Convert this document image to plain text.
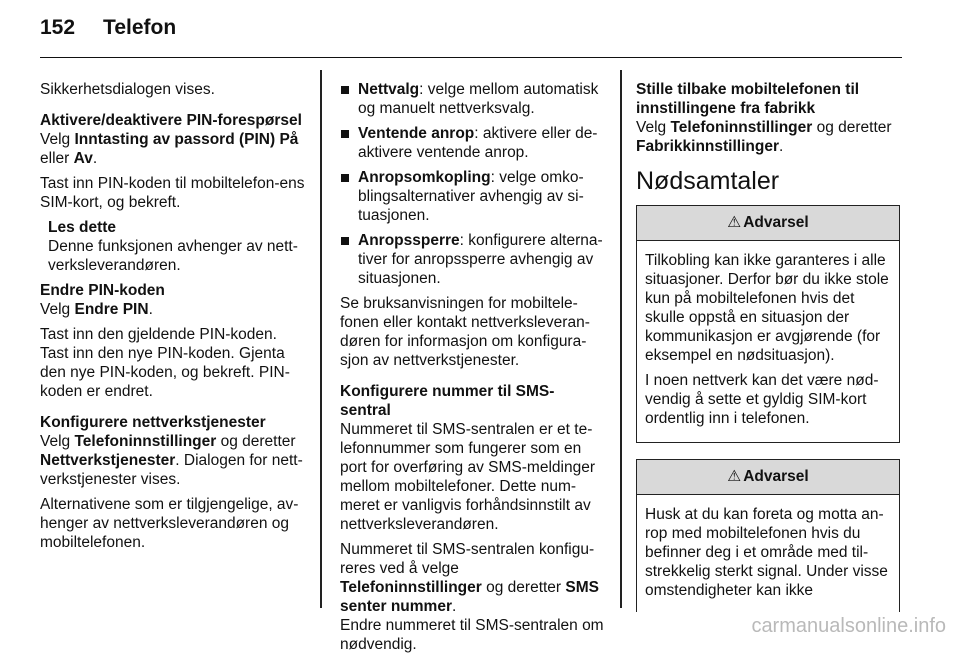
152 Telefon

Sikkerhetsdialogen vises.

Aktivere/deaktivere PIN-forespørsel

Velg Inntasting av passord (PIN) På

eller Av.

Tast inn PIN-koden til mobiltelefon-ens SIM-kort, og bekreft.

Les dette

Denne funksjonen avhenger av nett-verksleverandøren.

Endre PIN-koden

Velg Endre PIN.

Tast inn den gjeldende PIN-koden. Tast inn den nye PIN-koden. Gjenta den nye PIN-koden, og bekreft. PIN-koden er endret.

Konfigurere nettverkstjenester

Velg Telefoninnstillinger og deretter Nettverkstjenester. Dialogen for nett-verkstjenester vises.

Alternativene som er tilgjengelige, av-henger av nettverksleverandøren og mobiltelefonen.

Nettvalg: velge mellom automatisk og manuelt nettverksvalg.
Ventende anrop: aktivere eller de-aktivere ventende anrop.
Anropsomkopling: velge omko-blingsalternativer avhengig av si-tuasjonen.
Anropssperre: konfigurere alterna-tiver for anropssperre avhengig av situasjonen.

Se bruksanvisningen for mobiltele-fonen eller kontakt nettverksleveran-døren for informasjon om konfigura-sjon av nettverkstjenester.

Konfigurere nummer til SMS-sentral

Nummeret til SMS-sentralen er et te-lefonnummer som fungerer som en port for overføring av SMS-meldinger mellom mobiltelefoner. Dette num-meret er vanligvis forhåndsinnstilt av nettverksleverandøren.

Nummeret til SMS-sentralen konfigu-reres ved å velge Telefoninnstillinger og deretter SMS senter nummer.

Endre nummeret til SMS-sentralen om nødvendig.

Stille tilbake mobiltelefonen til innstillingene fra fabrikk

Velg Telefoninnstillinger og deretter Fabrikkinnstillinger.

Nødsamtaler
⚠ Advarsel

Tilkobling kan ikke garanteres i alle situasjoner. Derfor bør du ikke stole kun på mobiltelefonen hvis det skulle oppstå en situasjon der kommunikasjon er avgjørende (for eksempel en nødsituasjon).

I noen nettverk kan det være nød-vendig å sette et gyldig SIM-kort ordentlig inn i telefonen.

⚠ Advarsel

Husk at du kan foreta og motta an-rop med mobiltelefonen hvis du befinner deg i et område med til-strekkelig sterkt signal. Under visse omstendigheter kan ikke

carmanualsonline.info
